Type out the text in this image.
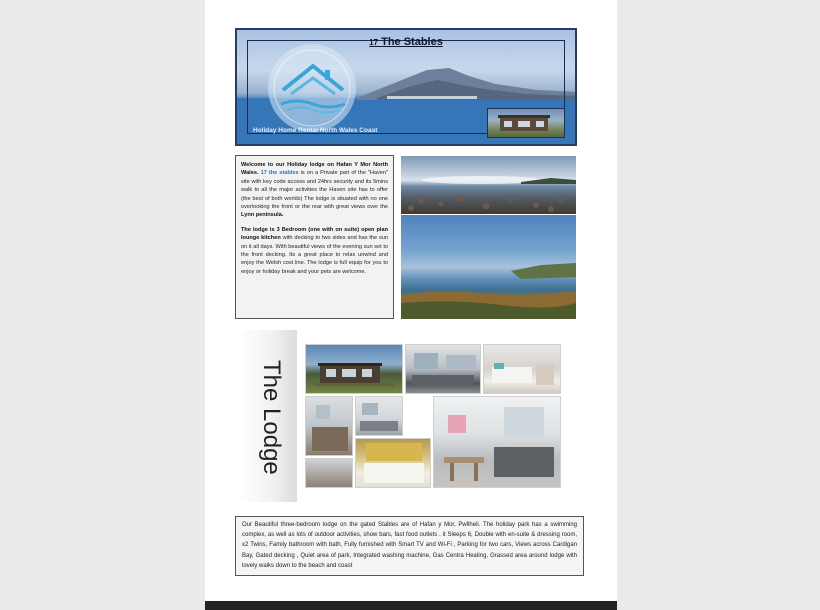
17 The Stables
Holiday Home Rental North Wales Coast

Welcome to our Holiday lodge on Hafan Y Mor North Wales. 17 the stables is on a Private part of the "Haven" site with key code access and 24hrs security and its 5mins walk to all the major activities the Haven site has to offer (the best of both worlds) The lodge is situated with no one overlooking the front or the rear with great views over the Lynn peninsula.

The lodge is 3 Bedroom (one with on suite) open plan lounge kitchen with decking to two sides and has the sun on it all days. With beautiful views of the evening sun set to the front decking. Its a great place to relax unwind and enjoy the Welsh cost line. The lodge is full equip for you to enjoy or holiday break and your pets are welcome.

The Lodge
Our Beautiful three-bedroom lodge on the gated Stables are of Hafan y Mor, Pwllheli. The holiday park has a swimming complex, as well as lots of outdoor activities, show bars, fast food outlets . it Sleeps 6, Double with en-suite & dressing room, x2 Twins, Family bathroom with bath, Fully furnished with Smart TV and Wi-Fi , Parking for two cars, Views across Cardigan Bay, Gated decking , Quiet area of park, Integrated washing machine, Gas Centra Heating, Grassed area around lodge with lovely walks down to the beach and coast
